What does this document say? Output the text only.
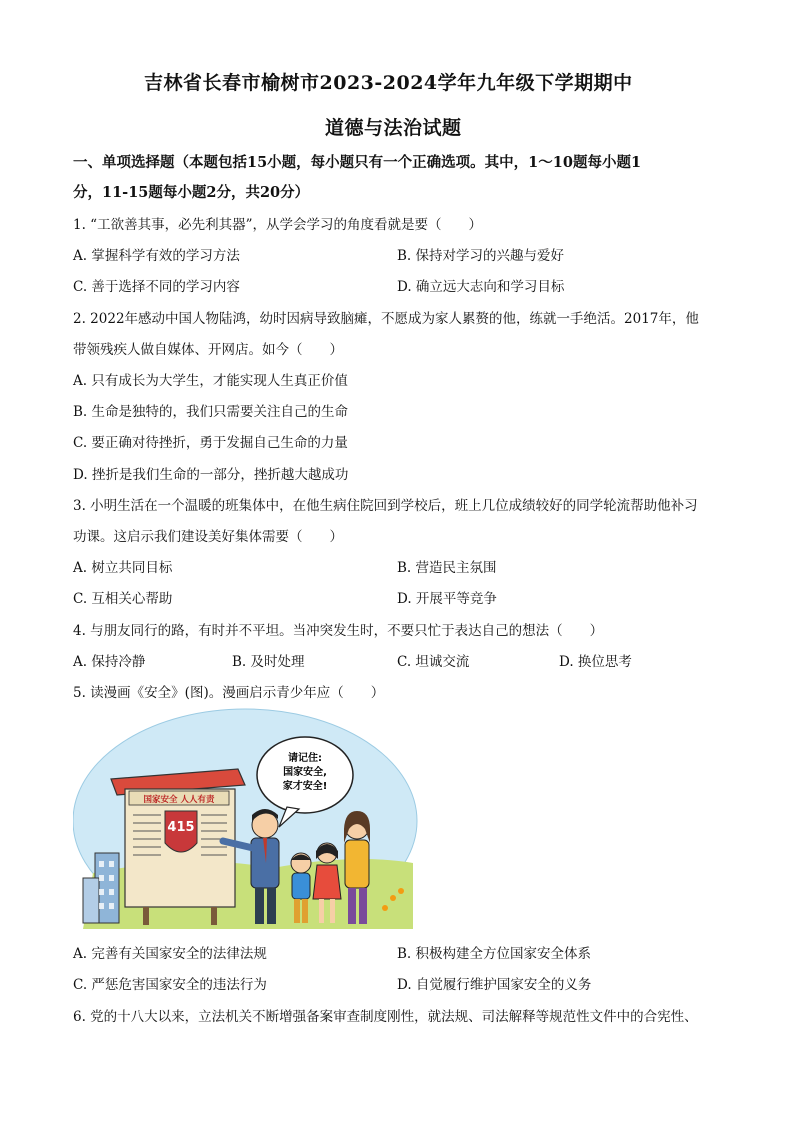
吉林省长春市榆树市2023-2024学年九年级下学期期中
道德与法治试题
一、单项选择题（本题包括15小题，每小题只有一个正确选项。其中，1～10题每小题1
分，11-15题每小题2分，共20分）
1. “工欲善其事，必先利其器”，从学会学习的角度看就是要（　　）
A. 掌握科学有效的学习方法	B. 保持对学习的兴趣与爱好
C. 善于选择不同的学习内容	D. 确立远大志向和学习目标
2. 2022年感动中国人物陆鸿，幼时因病导致脑瘫，不愿成为家人累赘的他，练就一手绝活。2017年，他
带领残疾人做自媒体、开网店。如今（　　）
A. 只有成长为大学生，才能实现人生真正价值
B. 生命是独特的，我们只需要关注自己的生命
C. 要正确对待挫折，勇于发掘自己生命的力量
D. 挫折是我们生命的一部分，挫折越大越成功
3. 小明生活在一个温暖的班集体中，在他生病住院回到学校后，班上几位成绩较好的同学轮流帮助他补习
功课。这启示我们建设美好集体需要（　　）
A. 树立共同目标	B. 营造民主氛围
C. 互相关心帮助	D. 开展平等竞争
4. 与朋友同行的路，有时并不平坦。当冲突发生时，不要只忙于表达自己的想法（　　）
A. 保持冷静	B. 及时处理	C. 坦诚交流	D. 换位思考
5. 读漫画《安全》(图)。漫画启示青少年应（　　）
国家安全 人人有责
415
请记住:
国家安全,
家才安全!
A. 完善有关国家安全的法律法规	B. 积极构建全方位国家安全体系
C. 严惩危害国家安全的违法行为	D. 自觉履行维护国家安全的义务
6. 党的十八大以来，立法机关不断增强备案审查制度刚性，就法规、司法解释等规范性文件中的合宪性、
